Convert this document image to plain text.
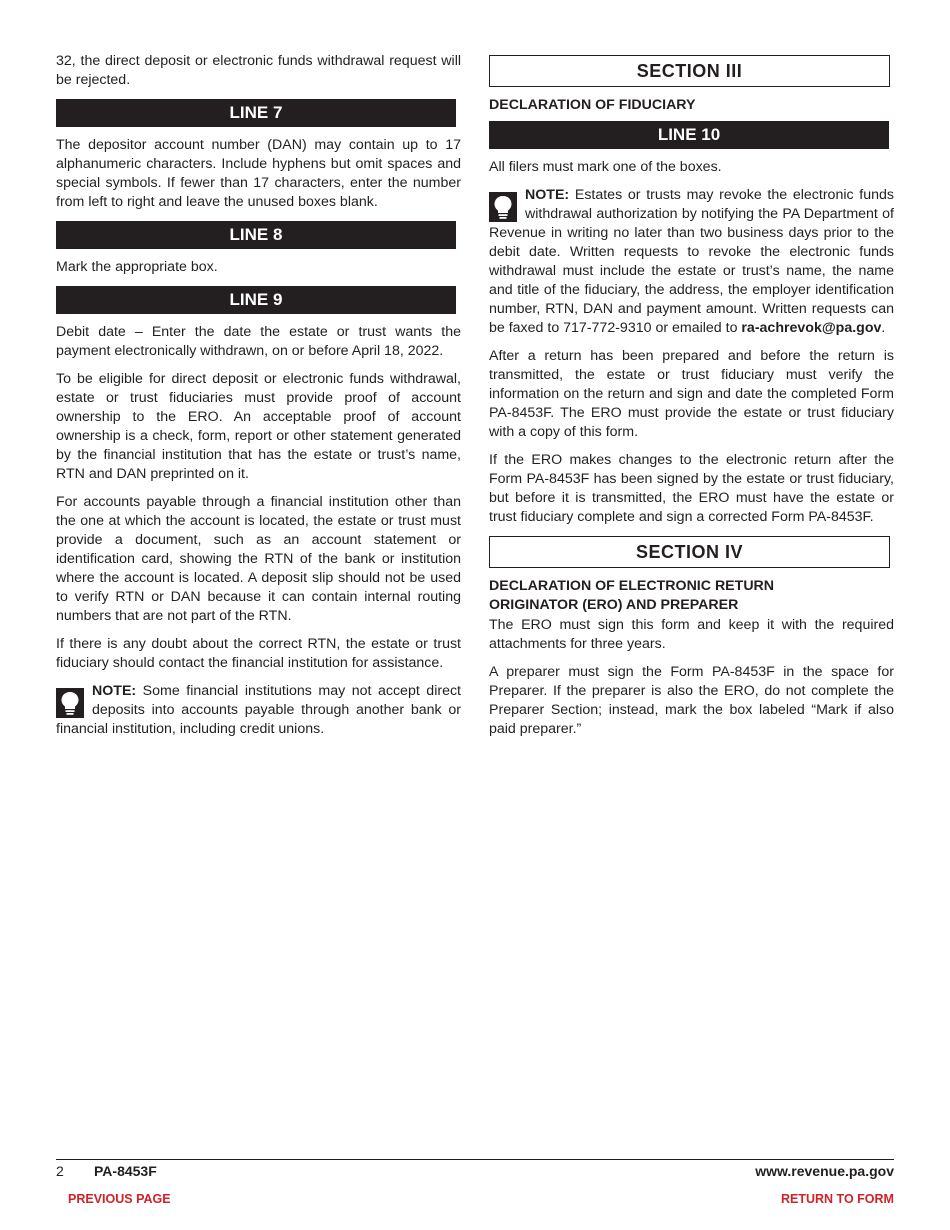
32, the direct deposit or electronic funds withdrawal request will be rejected.

LINE 7

The depositor account number (DAN) may contain up to 17 alphanumeric characters. Include hyphens but omit spaces and special symbols. If fewer than 17 characters, enter the number from left to right and leave the unused boxes blank.

LINE 8

Mark the appropriate box.

LINE 9

Debit date – Enter the date the estate or trust wants the payment electronically withdrawn, on or before April 18, 2022.

To be eligible for direct deposit or electronic funds withdrawal, estate or trust fiduciaries must provide proof of account ownership to the ERO. An acceptable proof of account ownership is a check, form, report or other statement generated by the financial institution that has the estate or trust’s name, RTN and DAN preprinted on it.

For accounts payable through a financial institution other than the one at which the account is located, the estate or trust must provide a document, such as an account statement or identification card, showing the RTN of the bank or institution where the account is located. A deposit slip should not be used to verify RTN or DAN because it can contain internal routing numbers that are not part of the RTN.

If there is any doubt about the correct RTN, the estate or trust fiduciary should contact the financial institution for assistance.

NOTE: Some financial institutions may not accept direct deposits into accounts payable through another bank or financial institution, including credit unions.

SECTION III
DECLARATION OF FIDUCIARY
LINE 10

All filers must mark one of the boxes.

NOTE: Estates or trusts may revoke the electronic funds withdrawal authorization by notifying the PA Department of Revenue in writing no later than two business days prior to the debit date. Written requests to revoke the electronic funds withdrawal must include the estate or trust’s name, the name and title of the fiduciary, the address, the employer identification number, RTN, DAN and payment amount. Written requests can be faxed to 717-772-9310 or emailed to ra-achrevok@pa.gov.

After a return has been prepared and before the return is transmitted, the estate or trust fiduciary must verify the information on the return and sign and date the completed Form PA-8453F. The ERO must provide the estate or trust fiduciary with a copy of this form.

If the ERO makes changes to the electronic return after the Form PA-8453F has been signed by the estate or trust fiduciary, but before it is transmitted, the ERO must have the estate or trust fiduciary complete and sign a corrected Form PA-8453F.

SECTION IV
DECLARATION OF ELECTRONIC RETURN
ORIGINATOR (ERO) AND PREPARER

The ERO must sign this form and keep it with the required attachments for three years.

A preparer must sign the Form PA-8453F in the space for Preparer. If the preparer is also the ERO, do not complete the Preparer Section; instead, mark the box labeled “Mark if also paid preparer.”

2 PA-8453F	www.revenue.pa.gov
PREVIOUS PAGE	RETURN TO FORM
